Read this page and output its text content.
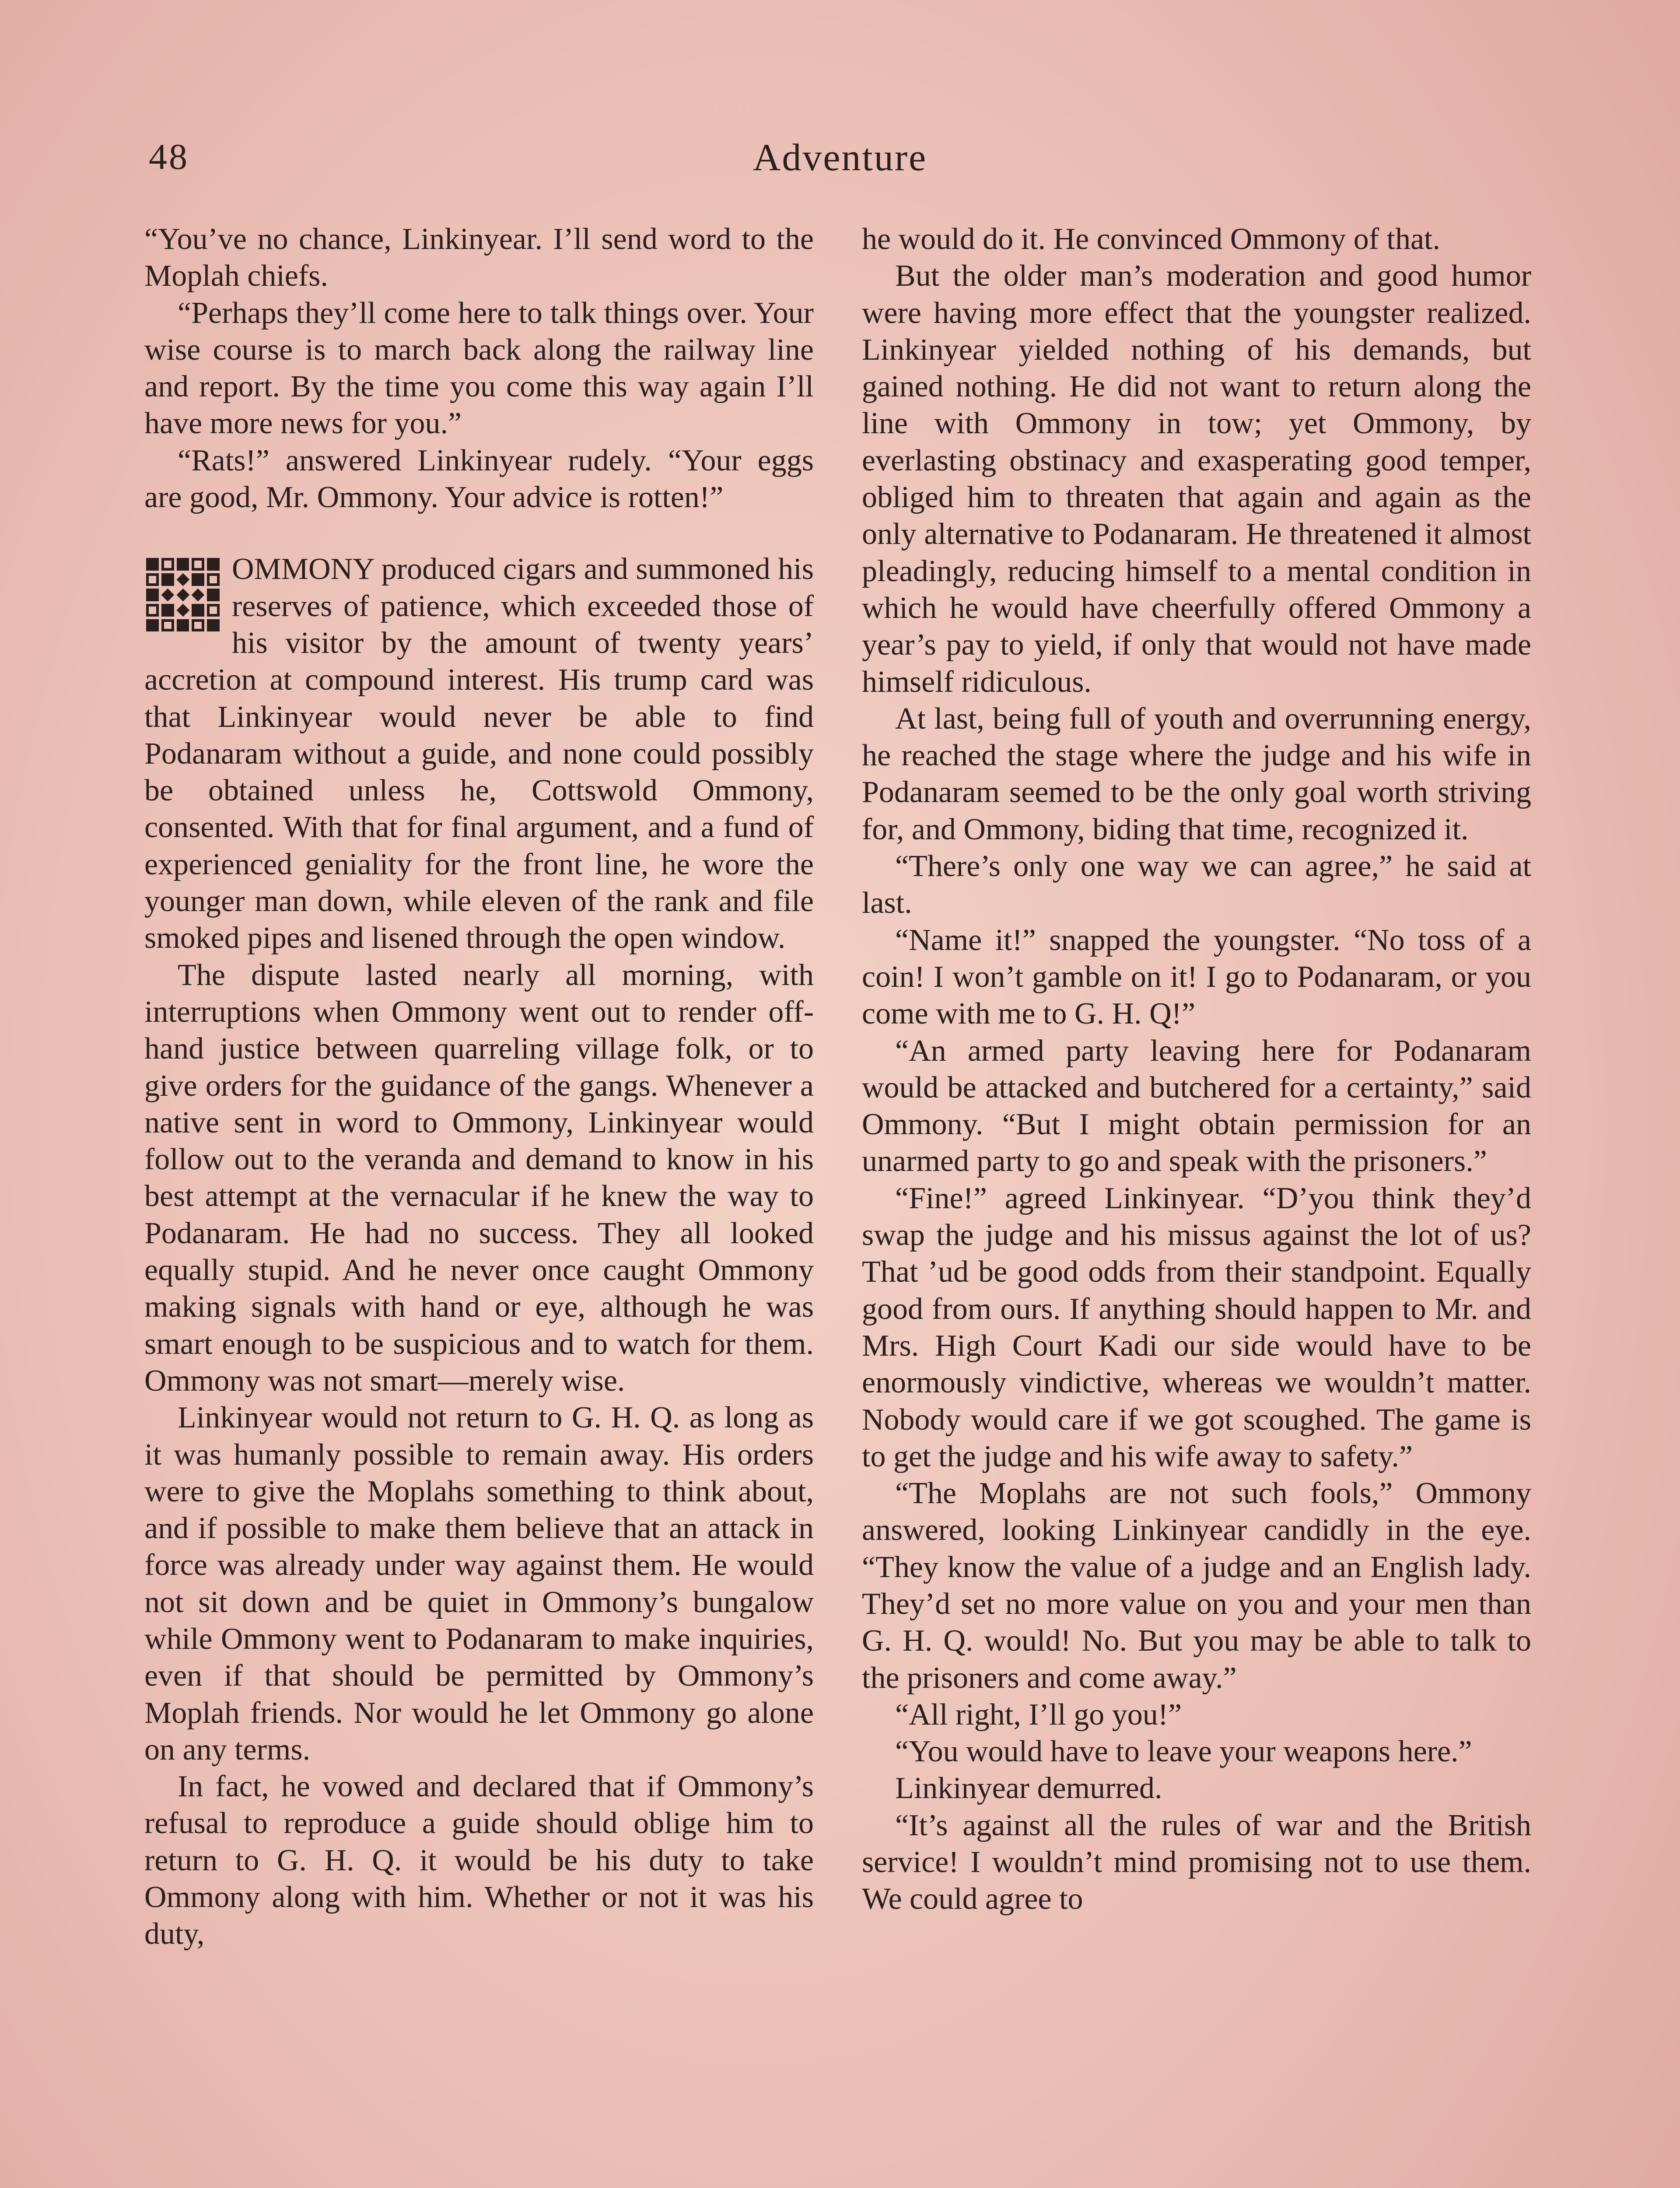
48	Adventure

“You’ve no chance, Linkinyear. I’ll send word to the Moplah chiefs.

“Perhaps they’ll come here to talk things over. Your wise course is to march back along the railway line and report. By the time you come this way again I’ll have more news for you.”

“Rats!” answered Linkinyear rudely. “Your eggs are good, Mr. Ommony. Your advice is rotten!”

OMMONY produced cigars and summoned his reserves of patience, which exceeded those of his visitor by the amount of twenty years’ accretion at compound interest. His trump card was that Linkinyear would never be able to find Podanaram without a guide, and none could possibly be obtained unless he, Cottswold Ommony, consented. With that for final argument, and a fund of experienced geniality for the front line, he wore the younger man down, while eleven of the rank and file smoked pipes and lisened through the open window.

The dispute lasted nearly all morning, with interruptions when Ommony went out to render off-hand justice between quarreling village folk, or to give orders for the guidance of the gangs. Whenever a native sent in word to Ommony, Linkinyear would follow out to the veranda and demand to know in his best attempt at the vernacular if he knew the way to Podanaram. He had no success. They all looked equally stupid. And he never once caught Ommony making signals with hand or eye, although he was smart enough to be suspicious and to watch for them. Ommony was not smart—merely wise.

Linkinyear would not return to G. H. Q. as long as it was humanly possible to remain away. His orders were to give the Moplahs something to think about, and if possible to make them believe that an attack in force was already under way against them. He would not sit down and be quiet in Ommony’s bungalow while Ommony went to Podanaram to make inquiries, even if that should be permitted by Ommony’s Moplah friends. Nor would he let Ommony go alone on any terms.

In fact, he vowed and declared that if Ommony’s refusal to reproduce a guide should oblige him to return to G. H. Q. it would be his duty to take Ommony along with him. Whether or not it was his duty,

he would do it. He convinced Ommony of that.

But the older man’s moderation and good humor were having more effect that the youngster realized. Linkinyear yielded nothing of his demands, but gained nothing. He did not want to return along the line with Ommony in tow; yet Ommony, by everlasting obstinacy and exasperating good temper, obliged him to threaten that again and again as the only alternative to Podanaram. He threatened it almost pleadingly, reducing himself to a mental condition in which he would have cheerfully offered Ommony a year’s pay to yield, if only that would not have made himself ridiculous.

At last, being full of youth and overrunning energy, he reached the stage where the judge and his wife in Podanaram seemed to be the only goal worth striving for, and Ommony, biding that time, recognized it.

“There’s only one way we can agree,” he said at last.

“Name it!” snapped the youngster. “No toss of a coin! I won’t gamble on it! I go to Podanaram, or you come with me to G. H. Q!”

“An armed party leaving here for Podanaram would be attacked and butchered for a certainty,” said Ommony. “But I might obtain permission for an unarmed party to go and speak with the prisoners.”

“Fine!” agreed Linkinyear. “D’you think they’d swap the judge and his missus against the lot of us? That ’ud be good odds from their standpoint. Equally good from ours. If anything should happen to Mr. and Mrs. High Court Kadi our side would have to be enormously vindictive, whereas we wouldn’t matter. Nobody would care if we got scoughed. The game is to get the judge and his wife away to safety.”

“The Moplahs are not such fools,” Ommony answered, looking Linkinyear candidly in the eye. “They know the value of a judge and an English lady. They’d set no more value on you and your men than G. H. Q. would! No. But you may be able to talk to the prisoners and come away.”

“All right, I’ll go you!”

“You would have to leave your weapons here.”

Linkinyear demurred.

“It’s against all the rules of war and the British service! I wouldn’t mind promising not to use them. We could agree to
